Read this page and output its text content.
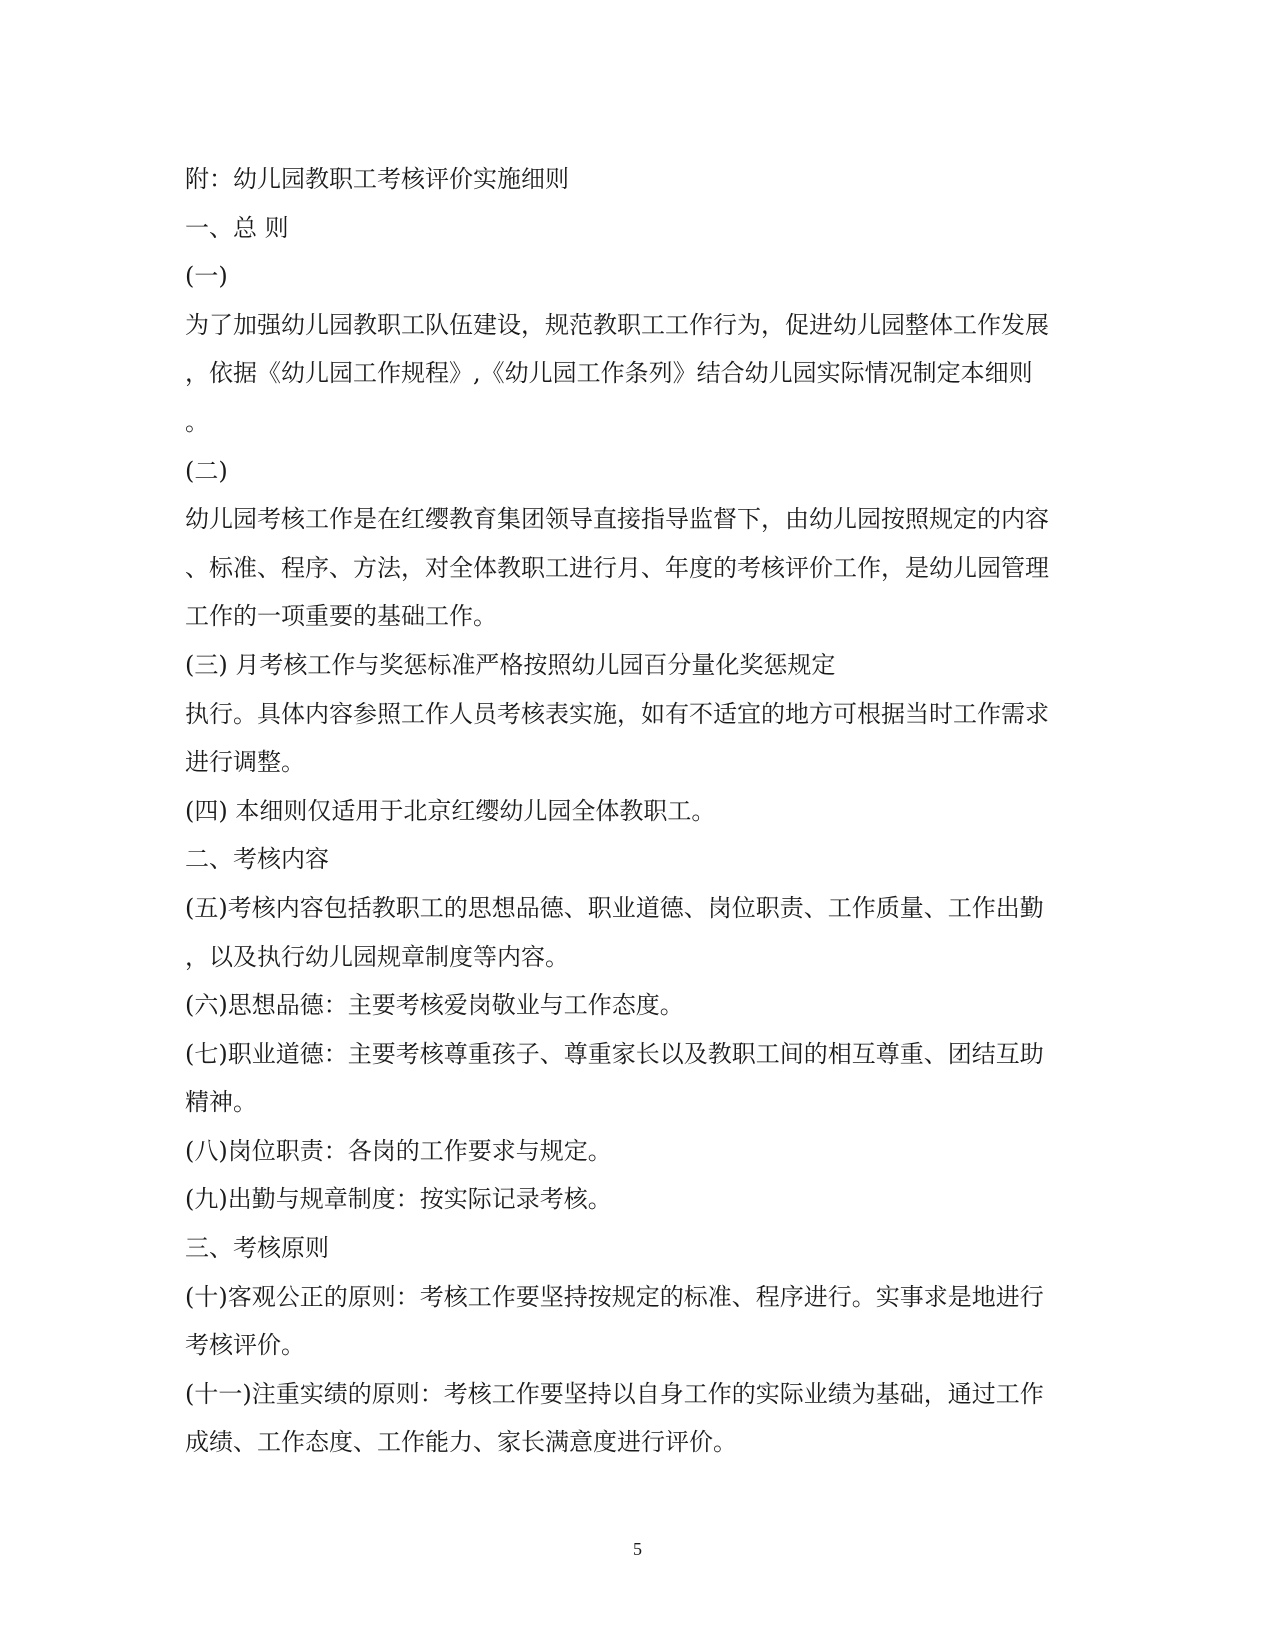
附：幼儿园教职工考核评价实施细则
一、总 则
(一)
为了加强幼儿园教职工队伍建设，规范教职工工作行为，促进幼儿园整体工作发展
，依据《幼儿园工作规程》,《幼儿园工作条列》结合幼儿园实际情况制定本细则
。
(二)
幼儿园考核工作是在红缨教育集团领导直接指导监督下，由幼儿园按照规定的内容
、标准、程序、方法，对全体教职工进行月、年度的考核评价工作，是幼儿园管理
工作的一项重要的基础工作。
(三) 月考核工作与奖惩标准严格按照幼儿园百分量化奖惩规定
执行。具体内容参照工作人员考核表实施，如有不适宜的地方可根据当时工作需求
进行调整。
(四) 本细则仅适用于北京红缨幼儿园全体教职工。
二、考核内容
(五)考核内容包括教职工的思想品德、职业道德、岗位职责、工作质量、工作出勤
，以及执行幼儿园规章制度等内容。
(六)思想品德：主要考核爱岗敬业与工作态度。
(七)职业道德：主要考核尊重孩子、尊重家长以及教职工间的相互尊重、团结互助
精神。
(八)岗位职责：各岗的工作要求与规定。
(九)出勤与规章制度：按实际记录考核。
三、考核原则
(十)客观公正的原则：考核工作要坚持按规定的标准、程序进行。实事求是地进行
考核评价。
(十一)注重实绩的原则：考核工作要坚持以自身工作的实际业绩为基础，通过工作
成绩、工作态度、工作能力、家长满意度进行评价。
5
